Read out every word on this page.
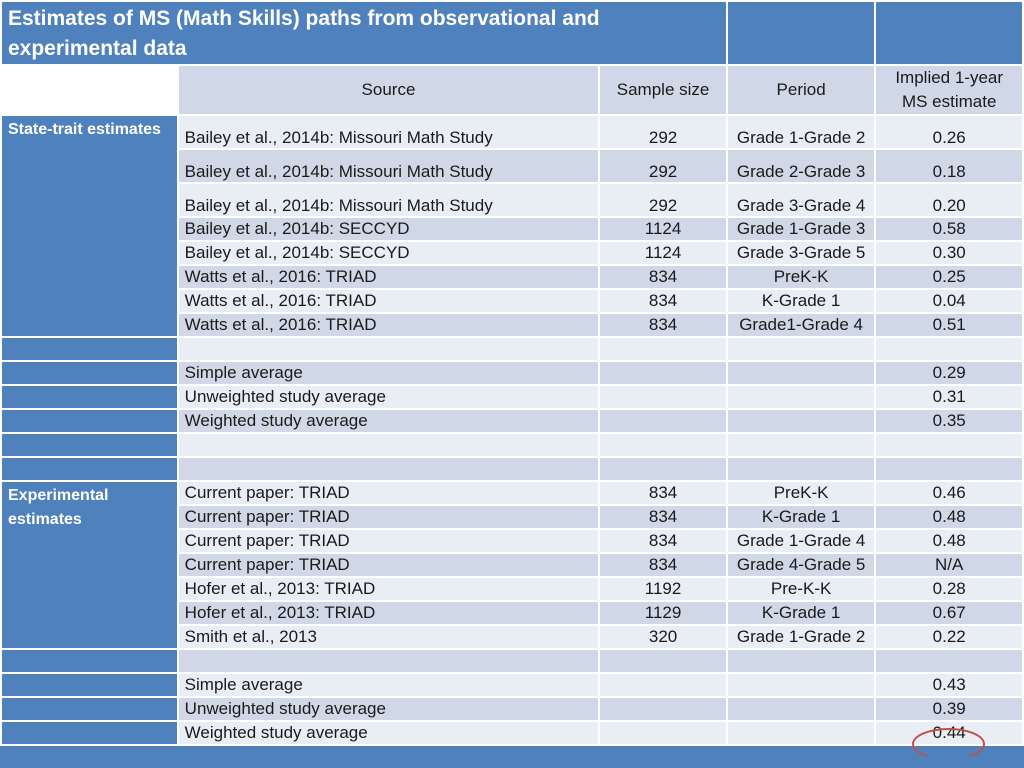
Estimates of MS (Math Skills) paths from observational and experimental data				
	Source	Sample size	Period	Implied 1-year MS estimate
State-trait estimates	Bailey et al., 2014b: Missouri Math Study	292	Grade 1-Grade 2	0.26
	Bailey et al., 2014b: Missouri Math Study	292	Grade 2-Grade 3	0.18
	Bailey et al., 2014b: Missouri Math Study	292	Grade 3-Grade 4	0.20
	Bailey et al., 2014b: SECCYD	1124	Grade 1-Grade 3	0.58
	Bailey et al., 2014b: SECCYD	1124	Grade 3-Grade 5	0.30
	Watts et al., 2016: TRIAD	834	PreK-K	0.25
	Watts et al., 2016: TRIAD	834	K-Grade 1	0.04
	Watts et al., 2016: TRIAD	834	Grade1-Grade 4	0.51

	Simple average			0.29
	Unweighted study average			0.31
	Weighted study average			0.35

Experimental estimates	Current paper: TRIAD	834	PreK-K	0.46
	Current paper: TRIAD	834	K-Grade 1	0.48
	Current paper: TRIAD	834	Grade 1-Grade 4	0.48
	Current paper: TRIAD	834	Grade 4-Grade 5	N/A
	Hofer et al., 2013: TRIAD	1192	Pre-K-K	0.28
	Hofer et al., 2013: TRIAD	1129	K-Grade 1	0.67
	Smith et al., 2013	320	Grade 1-Grade 2	0.22

	Simple average			0.43
	Unweighted study average			0.39
	Weighted study average			0.44
